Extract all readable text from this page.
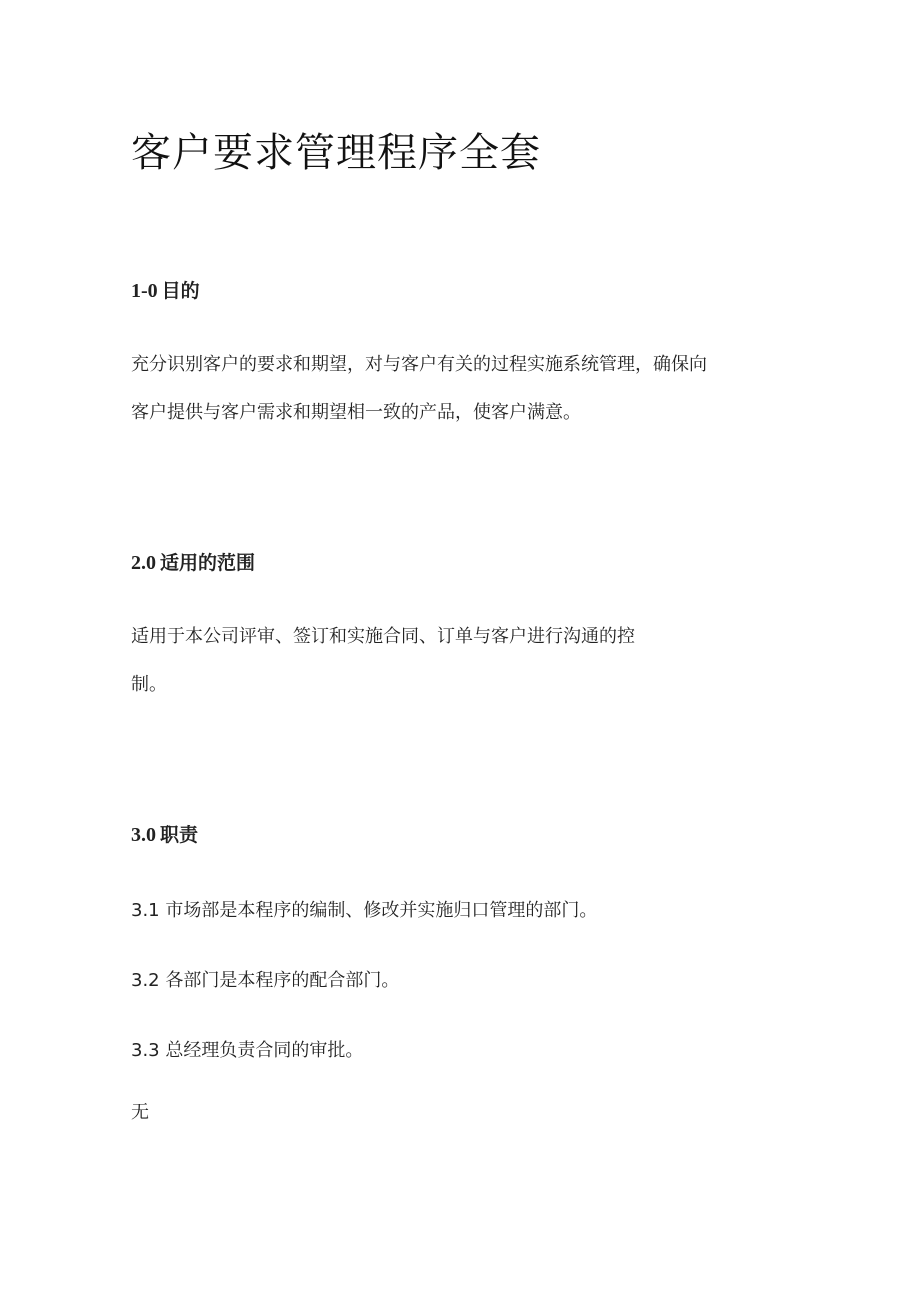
客户要求管理程序全套
1-0 目的

充分识别客户的要求和期望，对与客户有关的过程实施系统管理，确保向

客户提供与客户需求和期望相一致的产品，使客户满意。

2.0 适用的范围

适用于本公司评审、签订和实施合同、订单与客户进行沟通的控

制。

3.0 职责

3.1 市场部是本程序的编制、修改并实施归口管理的部门。

3.2 各部门是本程序的配合部门。

3.3 总经理负责合同的审批。

无
